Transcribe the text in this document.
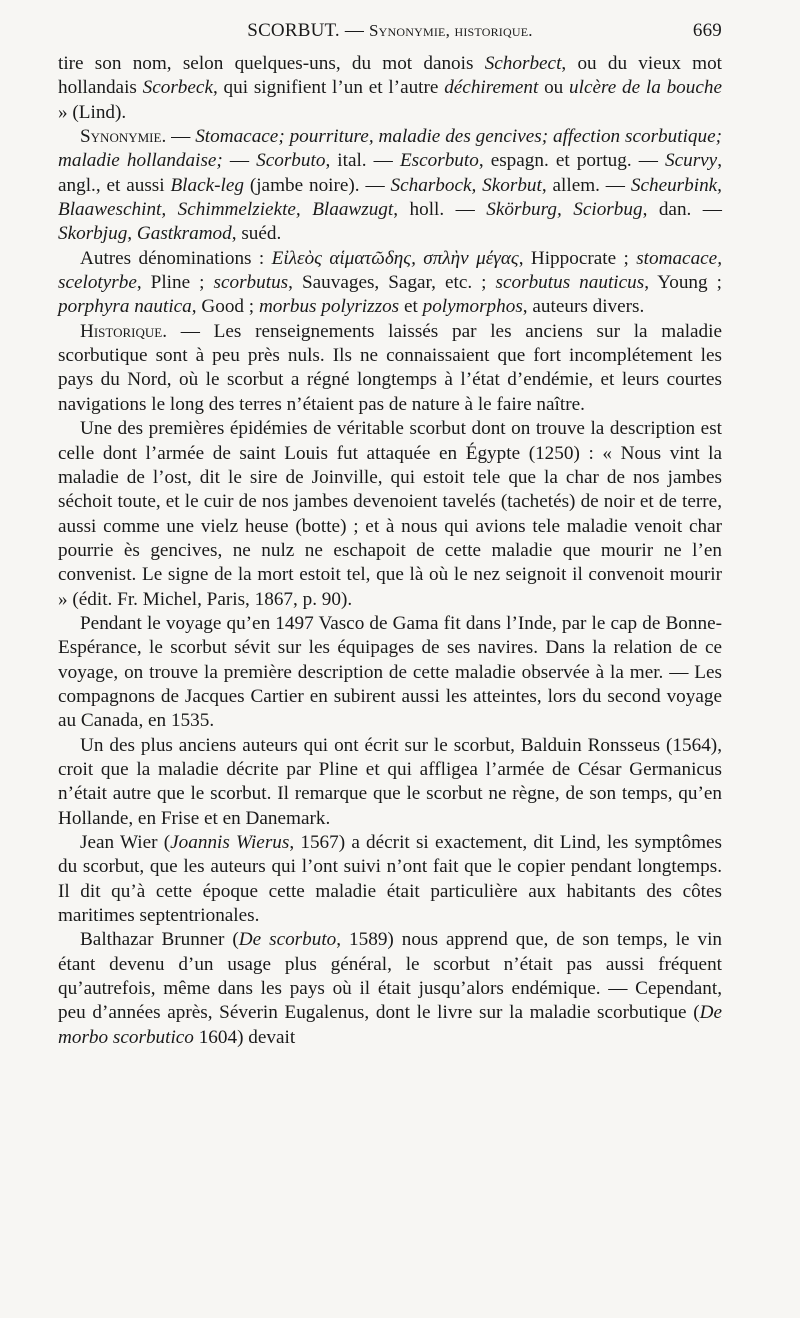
SCORBUT. — Synonymie, historique.	669

tire son nom, selon quelques-uns, du mot danois Schorbect, ou du vieux mot hollandais Scorbeck, qui signifient l’un et l’autre déchirement ou ulcère de la bouche » (Lind).

Synonymie. — Stomacace; pourriture, maladie des gencives; affection scorbutique; maladie hollandaise; — Scorbuto, ital. — Escorbuto, espagn. et portug. — Scurvy, angl., et aussi Black-leg (jambe noire). — Scharbock, Skorbut, allem. — Scheurbink, Blaaweschint, Schimmelziekte, Blaawzugt, holl. — Skörburg, Sciorbug, dan. — Skorbjug, Gastkramod, suéd.

Autres dénominations : Εἰλεὸς αἱματῶδης, σπλὴν μέγας, Hippocrate ; stomacace, scelotyrbe, Pline ; scorbutus, Sauvages, Sagar, etc. ; scorbutus nauticus, Young ; porphyra nautica, Good ; morbus polyrizzos et polymorphos, auteurs divers.

Historique. — Les renseignements laissés par les anciens sur la maladie scorbutique sont à peu près nuls. Ils ne connaissaient que fort incomplétement les pays du Nord, où le scorbut a régné longtemps à l’état d’endémie, et leurs courtes navigations le long des terres n’étaient pas de nature à le faire naître.

Une des premières épidémies de véritable scorbut dont on trouve la description est celle dont l’armée de saint Louis fut attaquée en Égypte (1250) : « Nous vint la maladie de l’ost, dit le sire de Joinville, qui estoit tele que la char de nos jambes séchoit toute, et le cuir de nos jambes devenoient tavelés (tachetés) de noir et de terre, aussi comme une vielz heuse (botte) ; et à nous qui avions tele maladie venoit char pourrie ès gencives, ne nulz ne eschapoit de cette maladie que mourir ne l’en convenist. Le signe de la mort estoit tel, que là où le nez seignoit il convenoit mourir » (édit. Fr. Michel, Paris, 1867, p. 90).

Pendant le voyage qu’en 1497 Vasco de Gama fit dans l’Inde, par le cap de Bonne-Espérance, le scorbut sévit sur les équipages de ses navires. Dans la relation de ce voyage, on trouve la première description de cette maladie observée à la mer. — Les compagnons de Jacques Cartier en subirent aussi les atteintes, lors du second voyage au Canada, en 1535.

Un des plus anciens auteurs qui ont écrit sur le scorbut, Balduin Ronsseus (1564), croit que la maladie décrite par Pline et qui affligea l’armée de César Germanicus n’était autre que le scorbut. Il remarque que le scorbut ne règne, de son temps, qu’en Hollande, en Frise et en Danemark.

Jean Wier (Joannis Wierus, 1567) a décrit si exactement, dit Lind, les symptômes du scorbut, que les auteurs qui l’ont suivi n’ont fait que le copier pendant longtemps. Il dit qu’à cette époque cette maladie était particulière aux habitants des côtes maritimes septentrionales.

Balthazar Brunner (De scorbuto, 1589) nous apprend que, de son temps, le vin étant devenu d’un usage plus général, le scorbut n’était pas aussi fréquent qu’autrefois, même dans les pays où il était jusqu’alors endémique. — Cependant, peu d’années après, Séverin Eugalenus, dont le livre sur la maladie scorbutique (De morbo scorbutico 1604) devait
